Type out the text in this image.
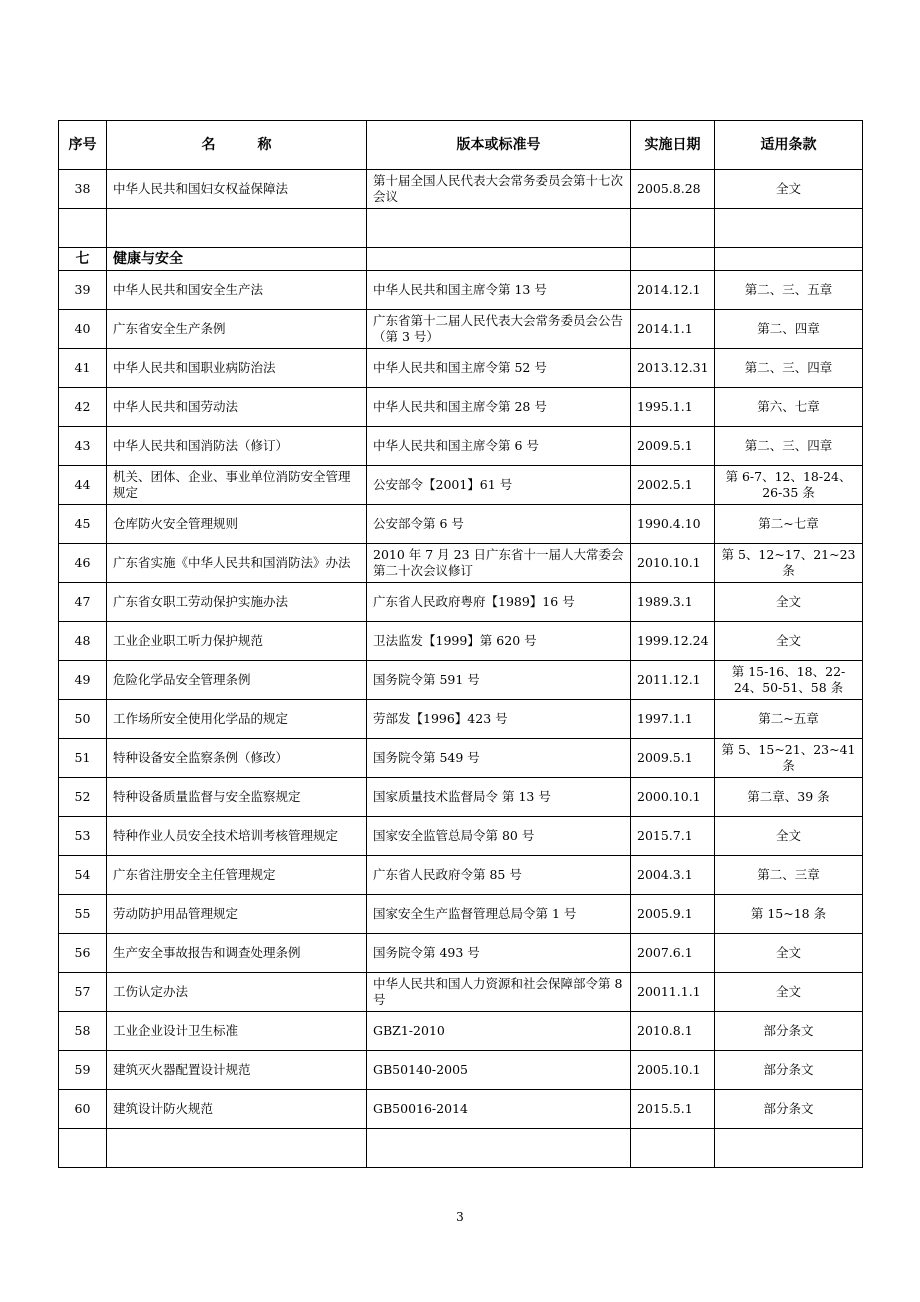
序号	名　　　称	版本或标准号	实施日期	适用条款
38	中华人民共和国妇女权益保障法	第十届全国人民代表大会常务委员会第十七次会议	2005.8.28	全文

七	健康与安全			
39	中华人民共和国安全生产法	中华人民共和国主席令第 13 号	2014.12.1	第二、三、五章
40	广东省安全生产条例	广东省第十二届人民代表大会常务委员会公告（第 3 号）	2014.1.1	第二、四章
41	中华人民共和国职业病防治法	中华人民共和国主席令第 52 号	2013.12.31	第二、三、四章
42	中华人民共和国劳动法	中华人民共和国主席令第 28 号	1995.1.1	第六、七章
43	中华人民共和国消防法（修订）	中华人民共和国主席令第 6 号	2009.5.1	第二、三、四章
44	机关、团体、企业、事业单位消防安全管理规定	公安部令【2001】61 号	2002.5.1	第 6-7、12、18-24、26-35 条
45	仓库防火安全管理规则	公安部令第 6 号	1990.4.10	第二~七章
46	广东省实施《中华人民共和国消防法》办法	2010 年 7 月 23 日广东省十一届人大常委会第二十次会议修订	2010.10.1	第 5、12~17、21~23 条
47	广东省女职工劳动保护实施办法	广东省人民政府粤府【1989】16 号	1989.3.1	全文
48	工业企业职工听力保护规范	卫法监发【1999】第 620 号	1999.12.24	全文
49	危险化学品安全管理条例	国务院令第 591 号	2011.12.1	第 15-16、18、22-24、50-51、58 条
50	工作场所安全使用化学品的规定	劳部发【1996】423 号	1997.1.1	第二~五章
51	特种设备安全监察条例（修改）	国务院令第 549 号	2009.5.1	第 5、15~21、23~41 条
52	特种设备质量监督与安全监察规定	国家质量技术监督局令 第 13 号	2000.10.1	第二章、39 条
53	特种作业人员安全技术培训考核管理规定	国家安全监管总局令第 80 号	2015.7.1	全文
54	广东省注册安全主任管理规定	广东省人民政府令第 85 号	2004.3.1	第二、三章
55	劳动防护用品管理规定	国家安全生产监督管理总局令第 1 号	2005.9.1	第 15~18 条
56	生产安全事故报告和调查处理条例	国务院令第 493 号	2007.6.1	全文
57	工伤认定办法	中华人民共和国人力资源和社会保障部令第 8 号	20011.1.1	全文
58	工业企业设计卫生标准	GBZ1-2010	2010.8.1	部分条文
59	建筑灭火器配置设计规范	GB50140-2005	2005.10.1	部分条文
60	建筑设计防火规范	GB50016-2014	2015.5.1	部分条文

3
